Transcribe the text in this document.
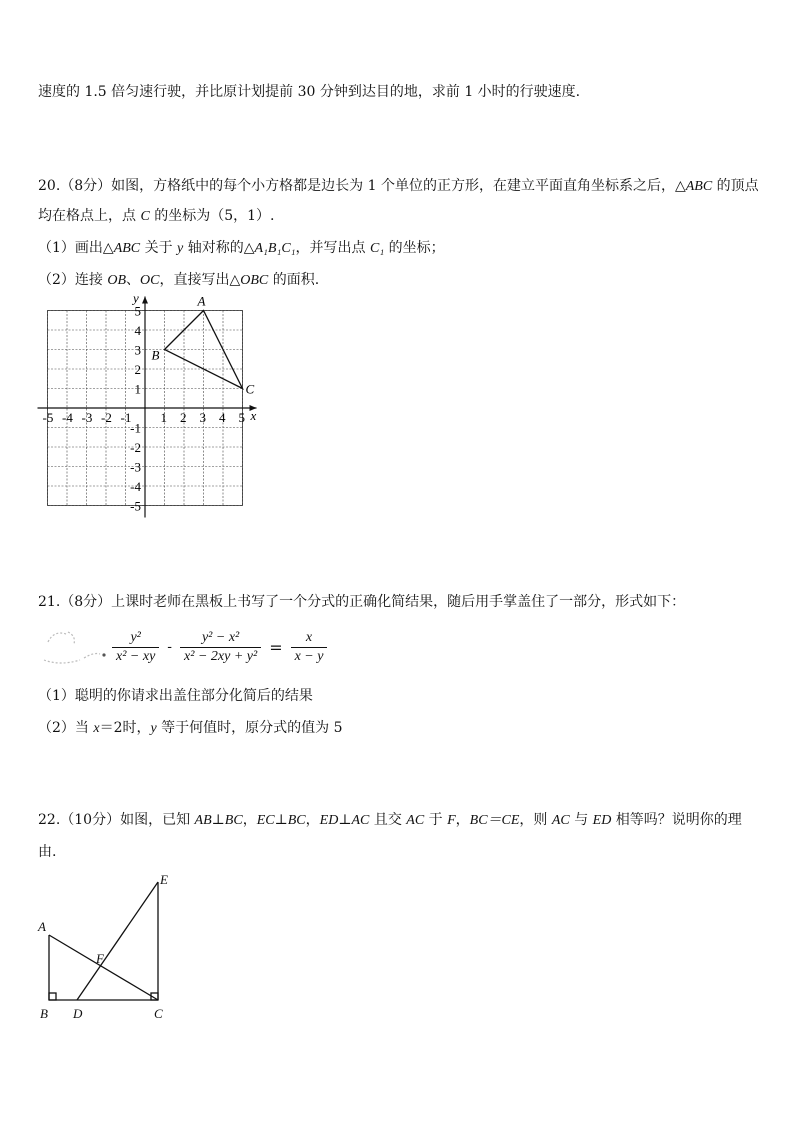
速度的 1.5 倍匀速行驶，并比原计划提前 30 分钟到达目的地，求前 1 小时的行驶速度.
20.（8分）如图，方格纸中的每个小方格都是边长为 1 个单位的正方形，在建立平面直角坐标系之后，△ABC 的顶点
均在格点上，点 C 的坐标为（5，1）.
（1）画出△ABC 关于 y 轴对称的△A₁B₁C₁，并写出点 C₁ 的坐标；
（2）连接 OB、OC，直接写出△OBC 的面积.
x
y
-5 -4 -3 -2 -1 1 2 3 4 5
5
4
3
2
1
-1
-2
-3
-4
-5
A
B
C
21.（8分）上课时老师在黑板上书写了一个分式的正确化简结果，随后用手掌盖住了一部分，形式如下：
$\frac{\text{y²}}{\text{x² − xy}} - \frac{\text{y² − x²}}{\text{x² − 2xy + y²}} = \frac{x}{x - y}$
（1）聪明的你请求出盖住部分化简后的结果
（2）当 x＝2时，y 等于何值时，原分式的值为 5
22.（10分）如图，已知 AB⊥BC，EC⊥BC，ED⊥AC 且交 AC 于 F，BC＝CE，则 AC 与 ED 相等吗？说明你的理
由.
A
B	C
D
E
F
